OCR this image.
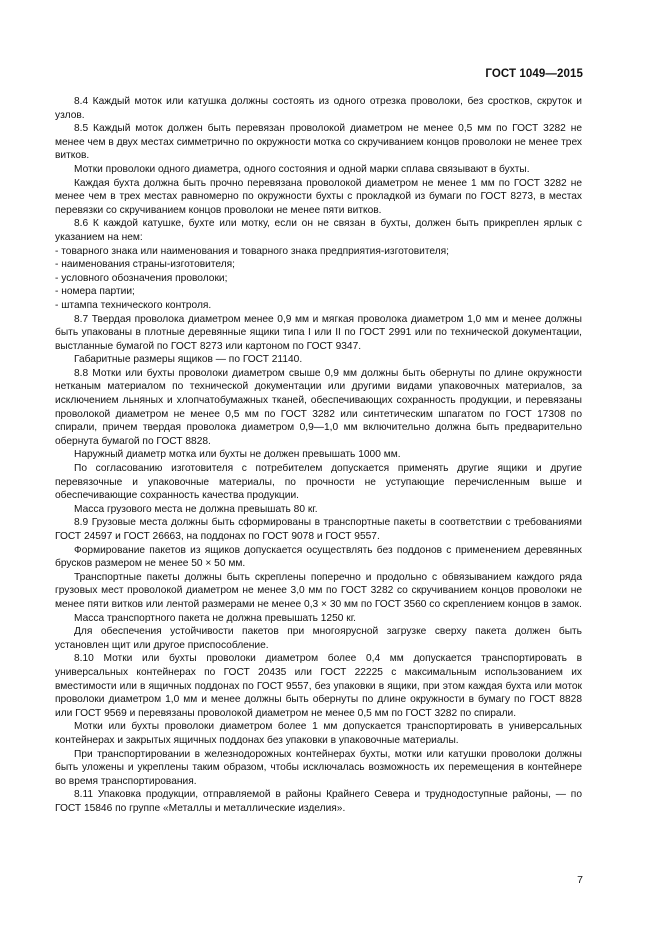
ГОСТ 1049—2015

8.4 Каждый моток или катушка должны состоять из одного отрезка проволоки, без сростков, скруток и узлов.

8.5 Каждый моток должен быть перевязан проволокой диаметром не менее 0,5 мм по ГОСТ 3282 не менее чем в двух местах симметрично по окружности мотка со скручиванием концов проволоки не менее трех витков.

Мотки проволоки одного диаметра, одного состояния и одной марки сплава связывают в бухты.

Каждая бухта должна быть прочно перевязана проволокой диаметром не менее 1 мм по ГОСТ 3282 не менее чем в трех местах равномерно по окружности бухты с прокладкой из бумаги по ГОСТ 8273, в местах перевязки со скручиванием концов проволоки не менее пяти витков.

8.6 К каждой катушке, бухте или мотку, если он не связан в бухты, должен быть прикреплен ярлык с указанием на нем:

- товарного знака или наименования и товарного знака предприятия-изготовителя;

- наименования страны-изготовителя;

- условного обозначения проволоки;

- номера партии;

- штампа технического контроля.

8.7 Твердая проволока диаметром менее 0,9 мм и мягкая проволока диаметром 1,0 мм и менее должны быть упакованы в плотные деревянные ящики типа I или II по ГОСТ 2991 или по технической документации, выстланные бумагой по ГОСТ 8273 или картоном по ГОСТ 9347.

Габаритные размеры ящиков — по ГОСТ 21140.

8.8 Мотки или бухты проволоки диаметром свыше 0,9 мм должны быть обернуты по длине окружности нетканым материалом по технической документации или другими видами упаковочных материалов, за исключением льняных и хлопчатобумажных тканей, обеспечивающих сохранность продукции, и перевязаны проволокой диаметром не менее 0,5 мм по ГОСТ 3282 или синтетическим шпагатом по ГОСТ 17308 по спирали, причем твердая проволока диаметром 0,9—1,0 мм включительно должна быть предварительно обернута бумагой по ГОСТ 8828.

Наружный диаметр мотка или бухты не должен превышать 1000 мм.

По согласованию изготовителя с потребителем допускается применять другие ящики и другие перевязочные и упаковочные материалы, по прочности не уступающие перечисленным выше и обеспечивающие сохранность качества продукции.

Масса грузового места не должна превышать 80 кг.

8.9 Грузовые места должны быть сформированы в транспортные пакеты в соответствии с требованиями ГОСТ 24597 и ГОСТ 26663, на поддонах по ГОСТ 9078 и ГОСТ 9557.

Формирование пакетов из ящиков допускается осуществлять без поддонов с применением деревянных брусков размером не менее 50 × 50 мм.

Транспортные пакеты должны быть скреплены поперечно и продольно с обвязыванием каждого ряда грузовых мест проволокой диаметром не менее 3,0 мм по ГОСТ 3282 со скручиванием концов проволоки не менее пяти витков или лентой размерами не менее 0,3 × 30 мм по ГОСТ 3560 со скреплением концов в замок.

Масса транспортного пакета не должна превышать 1250 кг.

Для обеспечения устойчивости пакетов при многоярусной загрузке сверху пакета должен быть установлен щит или другое приспособление.

8.10 Мотки или бухты проволоки диаметром более 0,4 мм допускается транспортировать в универсальных контейнерах по ГОСТ 20435 или ГОСТ 22225 с максимальным использованием их вместимости или в ящичных поддонах по ГОСТ 9557, без упаковки в ящики, при этом каждая бухта или моток проволоки диаметром 1,0 мм и менее должны быть обернуты по длине окружности в бумагу по ГОСТ 8828 или ГОСТ 9569 и перевязаны проволокой диаметром не менее 0,5 мм по ГОСТ 3282 по спирали.

Мотки или бухты проволоки диаметром более 1 мм допускается транспортировать в универсальных контейнерах и закрытых ящичных поддонах без упаковки в упаковочные материалы.

При транспортировании в железнодорожных контейнерах бухты, мотки или катушки проволоки должны быть уложены и укреплены таким образом, чтобы исключалась возможность их перемещения в контейнере во время транспортирования.

8.11 Упаковка продукции, отправляемой в районы Крайнего Севера и труднодоступные районы, — по ГОСТ 15846 по группе «Металлы и металлические изделия».

7
